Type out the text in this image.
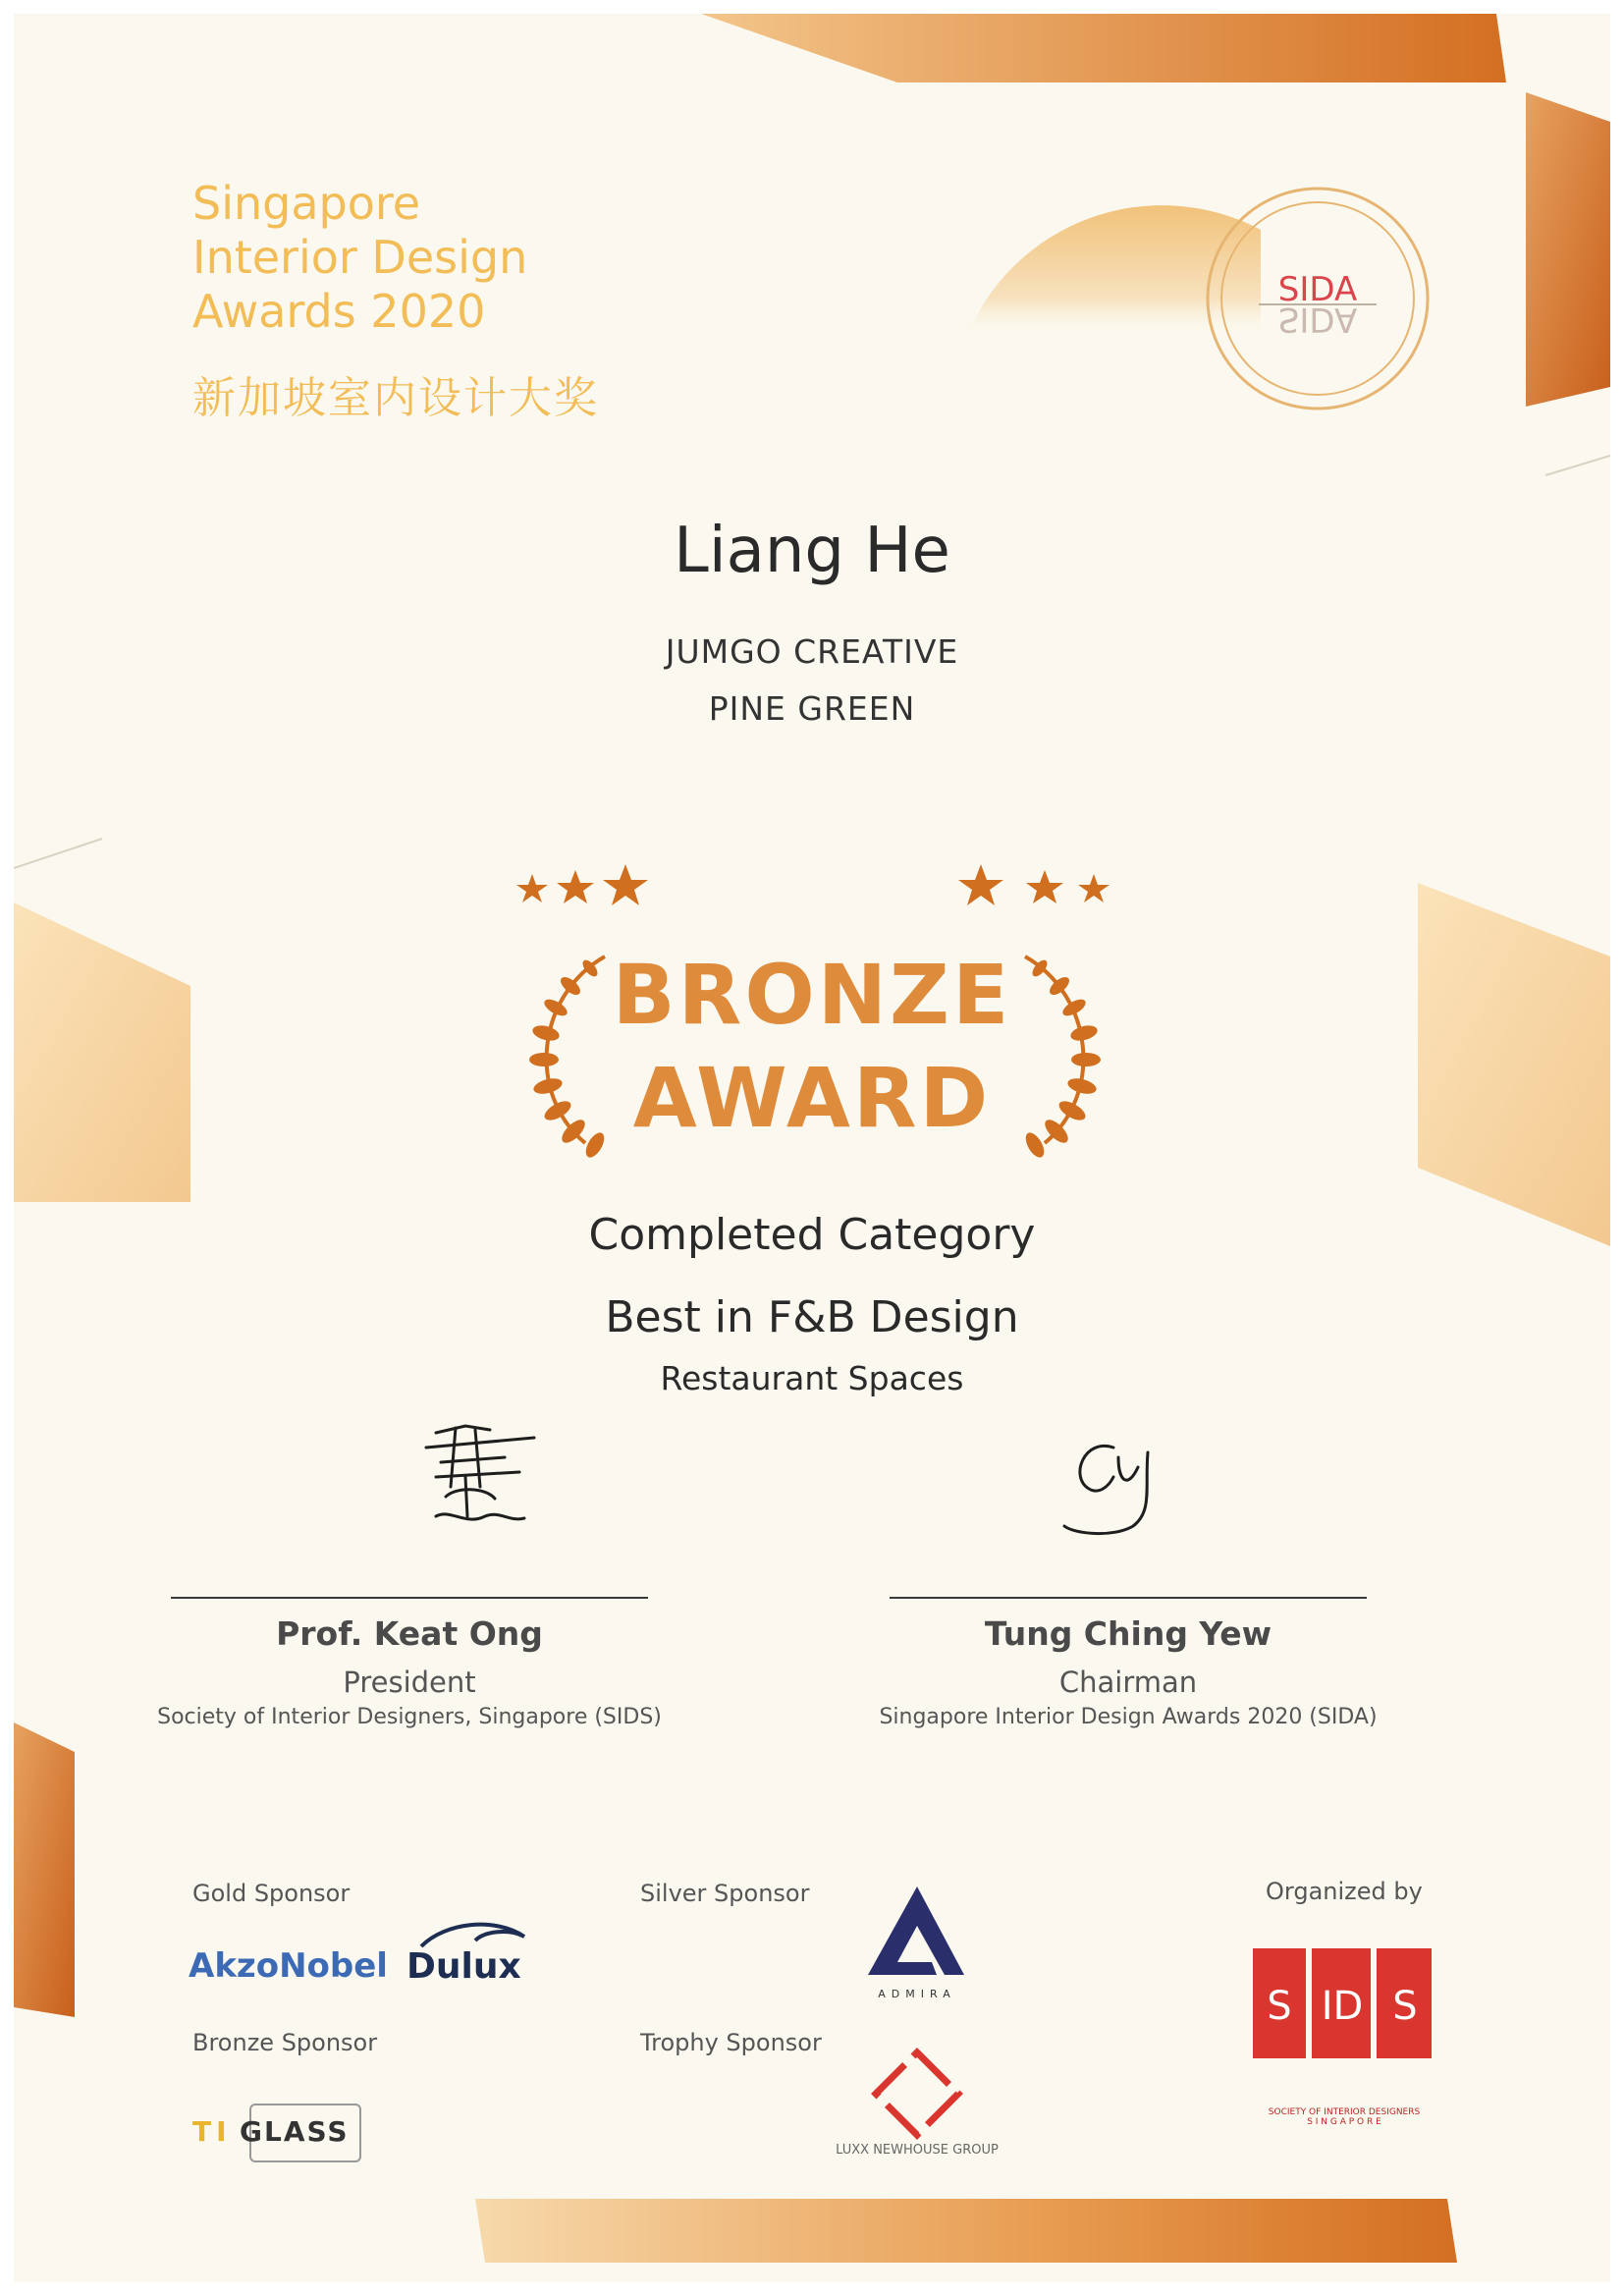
Singapore
Interior Design
Awards 2020
新加坡室内设计大奖
SIDA
SIDA
Liang He
JUMGO CREATIVE
PINE GREEN
BRONZE
AWARD
Completed Category
Best in F&B Design
Restaurant Spaces
Prof. Keat Ong
President
Society of Interior Designers, Singapore (SIDS)
Tung Ching Yew
Chairman
Singapore Interior Design Awards 2020 (SIDA)
Gold Sponsor
AkzoNobel Dulux
Bronze Sponsor
TI GLASS
Silver Sponsor
ADMIRA
Trophy Sponsor
LUXX NEWHOUSE GROUP
Organized by
S ID S
SOCIETY OF INTERIOR DESIGNERS
S I N G A P O R E
